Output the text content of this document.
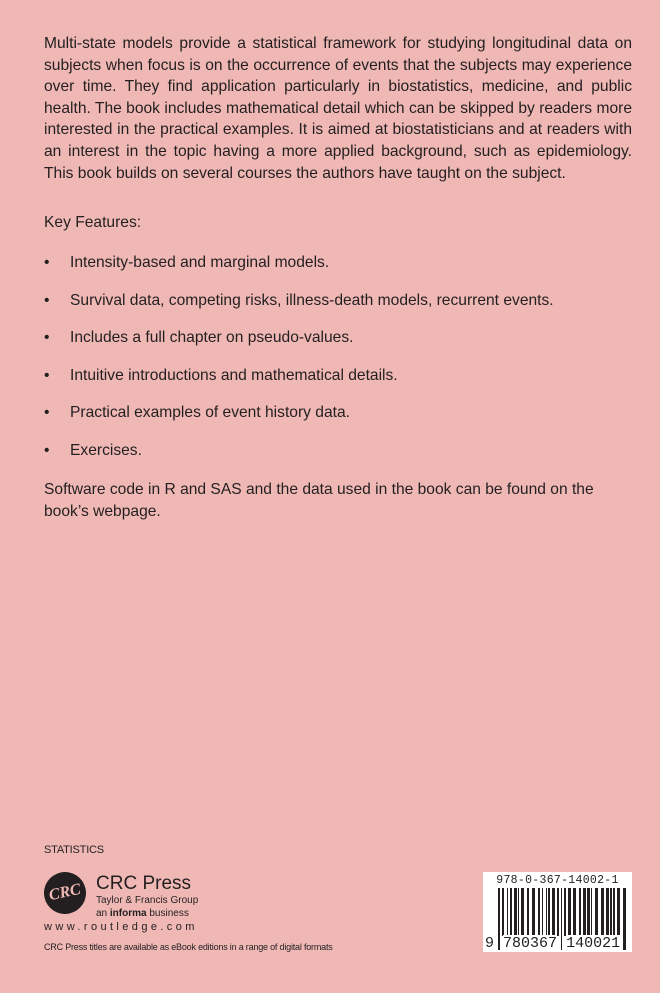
Multi-state models provide a statistical framework for studying longitudinal data on subjects when focus is on the occurrence of events that the subjects may experience over time. They find application particularly in biostatistics, medicine, and public health. The book includes mathematical detail which can be skipped by readers more interested in the practical examples. It is aimed at biostatisticians and at readers with an interest in the topic having a more applied background, such as epidemiology. This book builds on several courses the authors have taught on the subject.
Key Features:
• Intensity-based and marginal models.
• Survival data, competing risks, illness-death models, recurrent events.
• Includes a full chapter on pseudo-values.
• Intuitive introductions and mathematical details.
• Practical examples of event history data.
• Exercises.
Software code in R and SAS and the data used in the book can be found on the book’s webpage.
STATISTICS
CRC CRC Press
Taylor & Francis Group
an informa business
www.routledge.com
CRC Press titles are available as eBook editions in a range of digital formats
978-0-367-14002-1
9 780367 140021
